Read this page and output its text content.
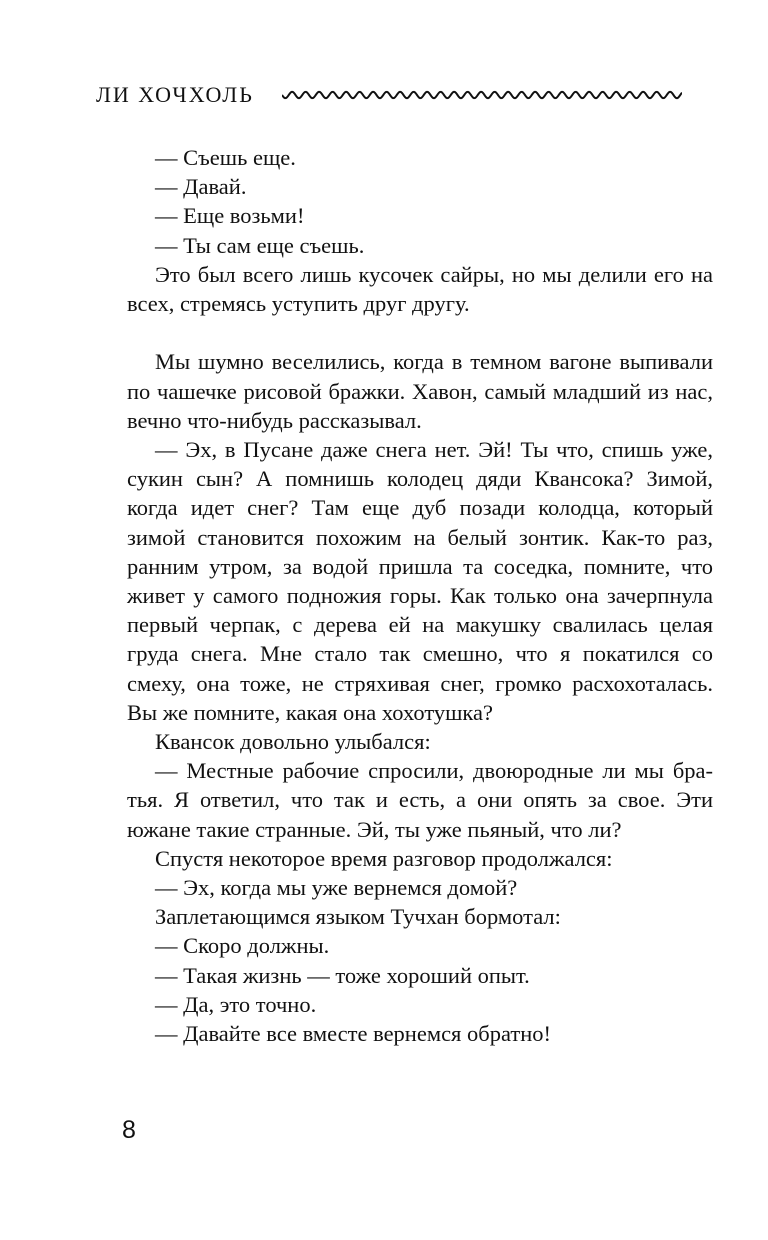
ЛИ ХОЧХОЛЬ

— Съешь еще.

— Давай.

— Еще возьми!

— Ты сам еще съешь.

Это был всего лишь кусочек сайры, но мы делили его на всех, стремясь уступить друг другу.

Мы шумно веселились, когда в темном вагоне выпивали по чашечке рисовой бражки. Хавон, самый младший из нас, вечно что-нибудь рассказывал.

— Эх, в Пусане даже снега нет. Эй! Ты что, спишь уже, сукин сын? А помнишь колодец дяди Квансока? Зимой, когда идет снег? Там еще дуб позади колодца, который зимой становится похожим на белый зонтик. Как-то раз, ранним утром, за водой пришла та соседка, помните, что живет у самого подножия горы. Как только она зачерпнула первый черпак, с дерева ей на макушку свалилась целая груда снега. Мне стало так смешно, что я покатился со смеху, она тоже, не стряхивая снег, громко расхохоталась. Вы же помните, какая она хохотушка?

Квансок довольно улыбался:

— Местные рабочие спросили, двоюродные ли мы братья. Я ответил, что так и есть, а они опять за свое. Эти южане такие странные. Эй, ты уже пьяный, что ли?

Спустя некоторое время разговор продолжался:

— Эх, когда мы уже вернемся домой?

Заплетающимся языком Тучхан бормотал:

— Скоро должны.

— Такая жизнь — тоже хороший опыт.

— Да, это точно.

— Давайте все вместе вернемся обратно!

8
